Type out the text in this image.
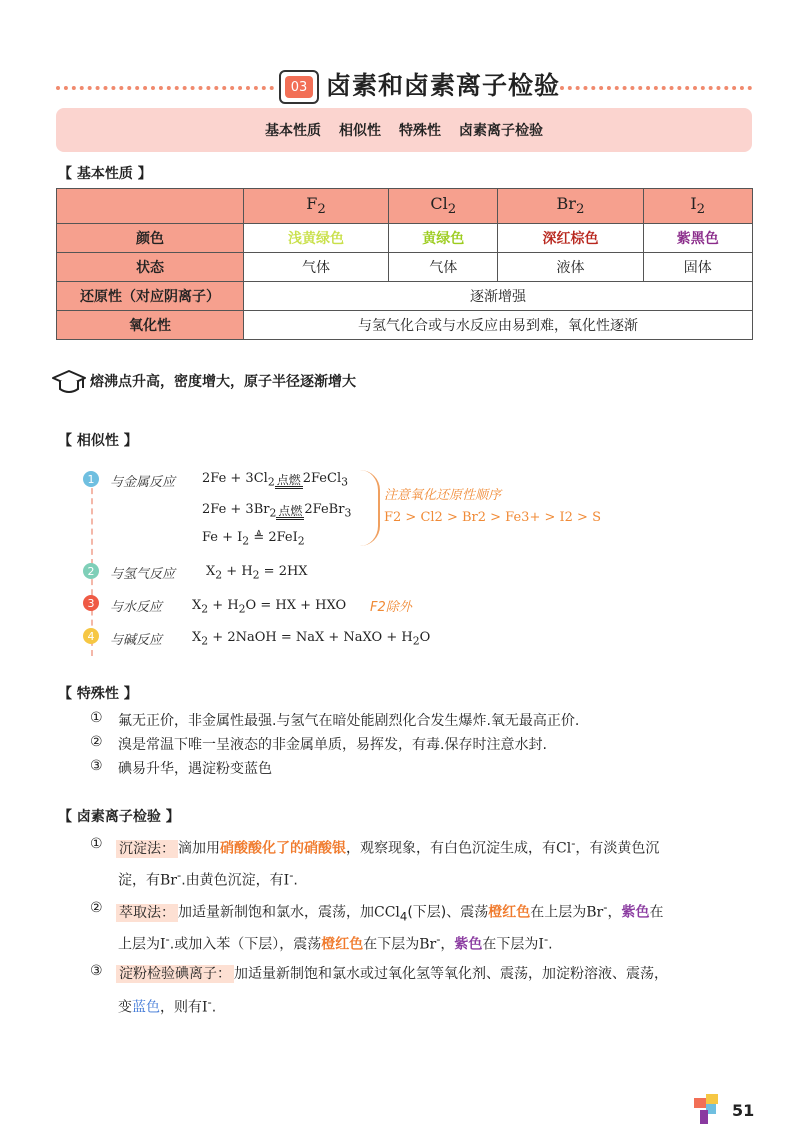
03 卤素和卤素离子检验
基本性质 相似性 特殊性 卤素离子检验
【 基本性质 】
	$F_2$	$Cl_2$	$Br_2$	$I_2$
颜色	浅黄绿色	黄绿色	深红棕色	紫黑色
状态	气体	气体	液体	固体
还原性（对应阴离子）	逐渐增强			
氧化性	与氢气化合或与水反应由易到难，氧化性逐渐			
熔沸点升高，密度增大，原子半径逐渐增大
【 相似性 】
1	与金属反应 $2Fe + 3Cl_2$ 点燃 2FeCl$_3$
$2Fe + 3Br_2$ 点燃 2FeBr$_3$
$Fe + I_2$ ≜ 2FeI$_2$
注意氧化还原性顺序
F2 > Cl2 > Br2 > Fe3+ > I2 > S
2	与氢气反应 $X_2 + H_2 = 2HX$
3	与水反应 $X_2 + H_2O$ = HX + HXO F2除外
4	与碱反应 $X_2$ + 2NaOH = NaX + NaXO + $H_2O$
【 特殊性 】
① 氟无正价，非金属性最强.与氢气在暗处能剧烈化合发生爆炸.氧无最高正价.
② 溴是常温下唯一呈液态的非金属单质，易挥发，有毒.保存时注意水封.
③ 碘易升华，遇淀粉变蓝色
【 卤素离子检验 】
① 沉淀法： 滴加用硝酸酸化了的硝酸银，观察现象，有白色沉淀生成，有Cl-，有淡黄色沉
淀，有Br-.由黄色沉淀，有I-.
② 萃取法： 加适量新制饱和氯水，震荡，加CCl$_4$(下层)、震荡橙红色在上层为Br-，紫色在
上层为I-.或加入苯（下层），震荡橙红色在下层为Br-，紫色在下层为I-.
③ 淀粉检验碘离子： 加适量新制饱和氯水或过氧化氢等氧化剂、震荡，加淀粉溶液、震荡，
变蓝色，则有I-.
51
